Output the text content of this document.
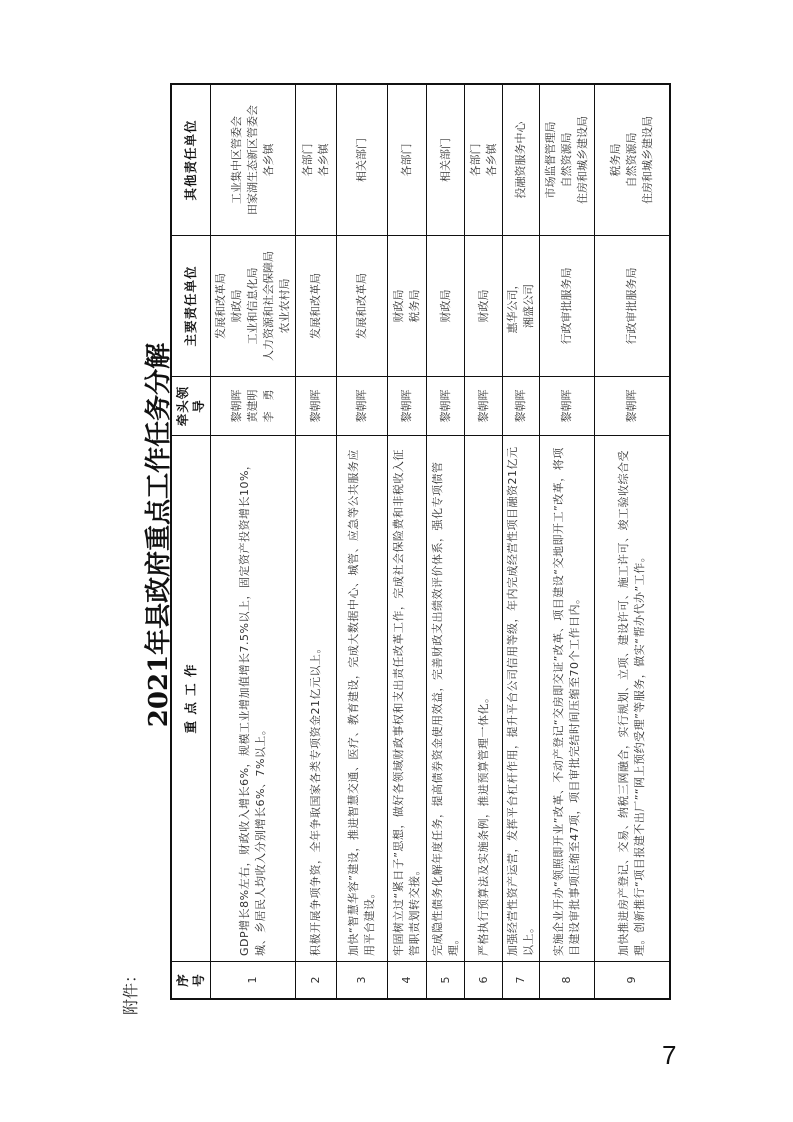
附件：
2021年县政府重点工作任务分解
序号	重 点 工 作	牵头领导	主要责任单位	其他责任单位
1	GDP增长8%左右，财政收入增长6%，规模工业增加值增长7.5%以上，固定资产投资增长10%，城、乡居民人均收入分别增长6%、7%以上。	黎朝晖 黄建明 李　勇	发展和改革局 财政局 工业和信息化局 人力资源和社会保障局 农业农村局	工业集中区管委会 田家湖生态新区管委会 各乡镇

2	积极开展争项争资，全年争取国家各类专项资金21亿元以上。	黎朝晖	发展和改革局	各部门 各乡镇

3	加快“智慧华容”建设，推进智慧交通、医疗、教育建设，完成大数据中心、城管、应急等公共服务应用平台建设。	黎朝晖	发展和改革局	相关部门

4	牢固树立过“紧日子”思想，做好各领域财政事权和支出责任改革工作，完成社会保险费和非税收入征管职责划转交接。	黎朝晖	财政局 税务局	各部门

5	完成隐性债务化解年度任务，提高债券资金使用效益，完善财政支出绩效评价体系，强化专项债管理。	黎朝晖	财政局	相关部门

6	严格执行预算法及实施条例，推进预算管理一体化。	黎朝晖	财政局	各部门 各乡镇

7	加强经营性资产运营，发挥平台杠杆作用，提升平台公司信用等级，年内完成经营性项目融资21亿元以上。	黎朝晖	惠华公司， 湘盛公司	投融资服务中心

8	实施企业开办“领照即开业”改革、不动产登记“交房即交证”改革、项目建设“交地即开工”改革，将项目建设审批事项压缩至47项，项目审批完结时间压缩至70个工作日内。	黎朝晖	行政审批服务局	市场监督管理局 自然资源局 住房和城乡建设局

9	加快推进房产登记、交易、纳税三网融合，实行规划、立项、建设许可、施工许可、竣工验收综合受理。创新推行“项目报建不出厂”“网上预约受理”等服务，做实“帮办代办”工作。	黎朝晖	行政审批服务局	税务局 自然资源局 住房和城乡建设局
7
